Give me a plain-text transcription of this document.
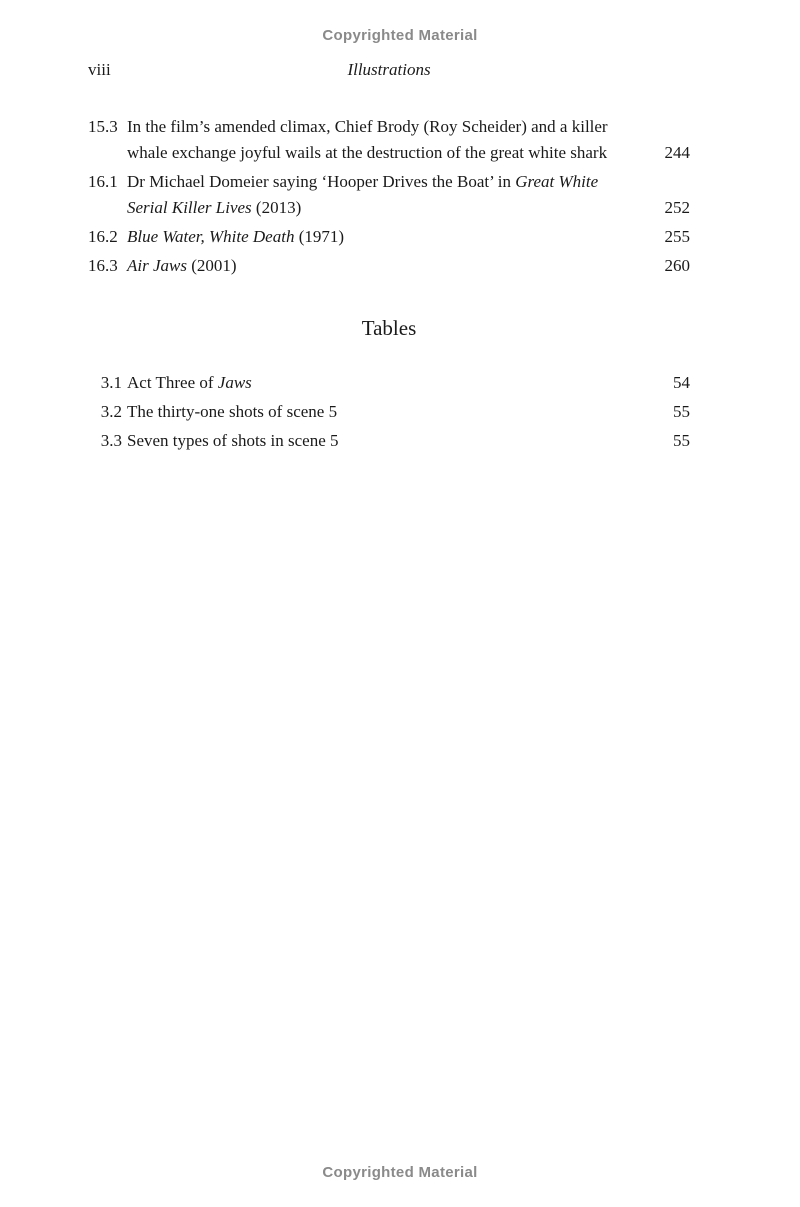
Copyrighted Material
viii	Illustrations
15.3 In the film’s amended climax, Chief Brody (Roy Scheider) and a killer whale exchange joyful wails at the destruction of the great white shark	244
16.1 Dr Michael Domeier saying ‘Hooper Drives the Boat’ in Great White Serial Killer Lives (2013)	252
16.2 Blue Water, White Death (1971)	255
16.3 Air Jaws (2001)	260
Tables
3.1 Act Three of Jaws	54
3.2 The thirty-one shots of scene 5	55
3.3 Seven types of shots in scene 5	55
Copyrighted Material
